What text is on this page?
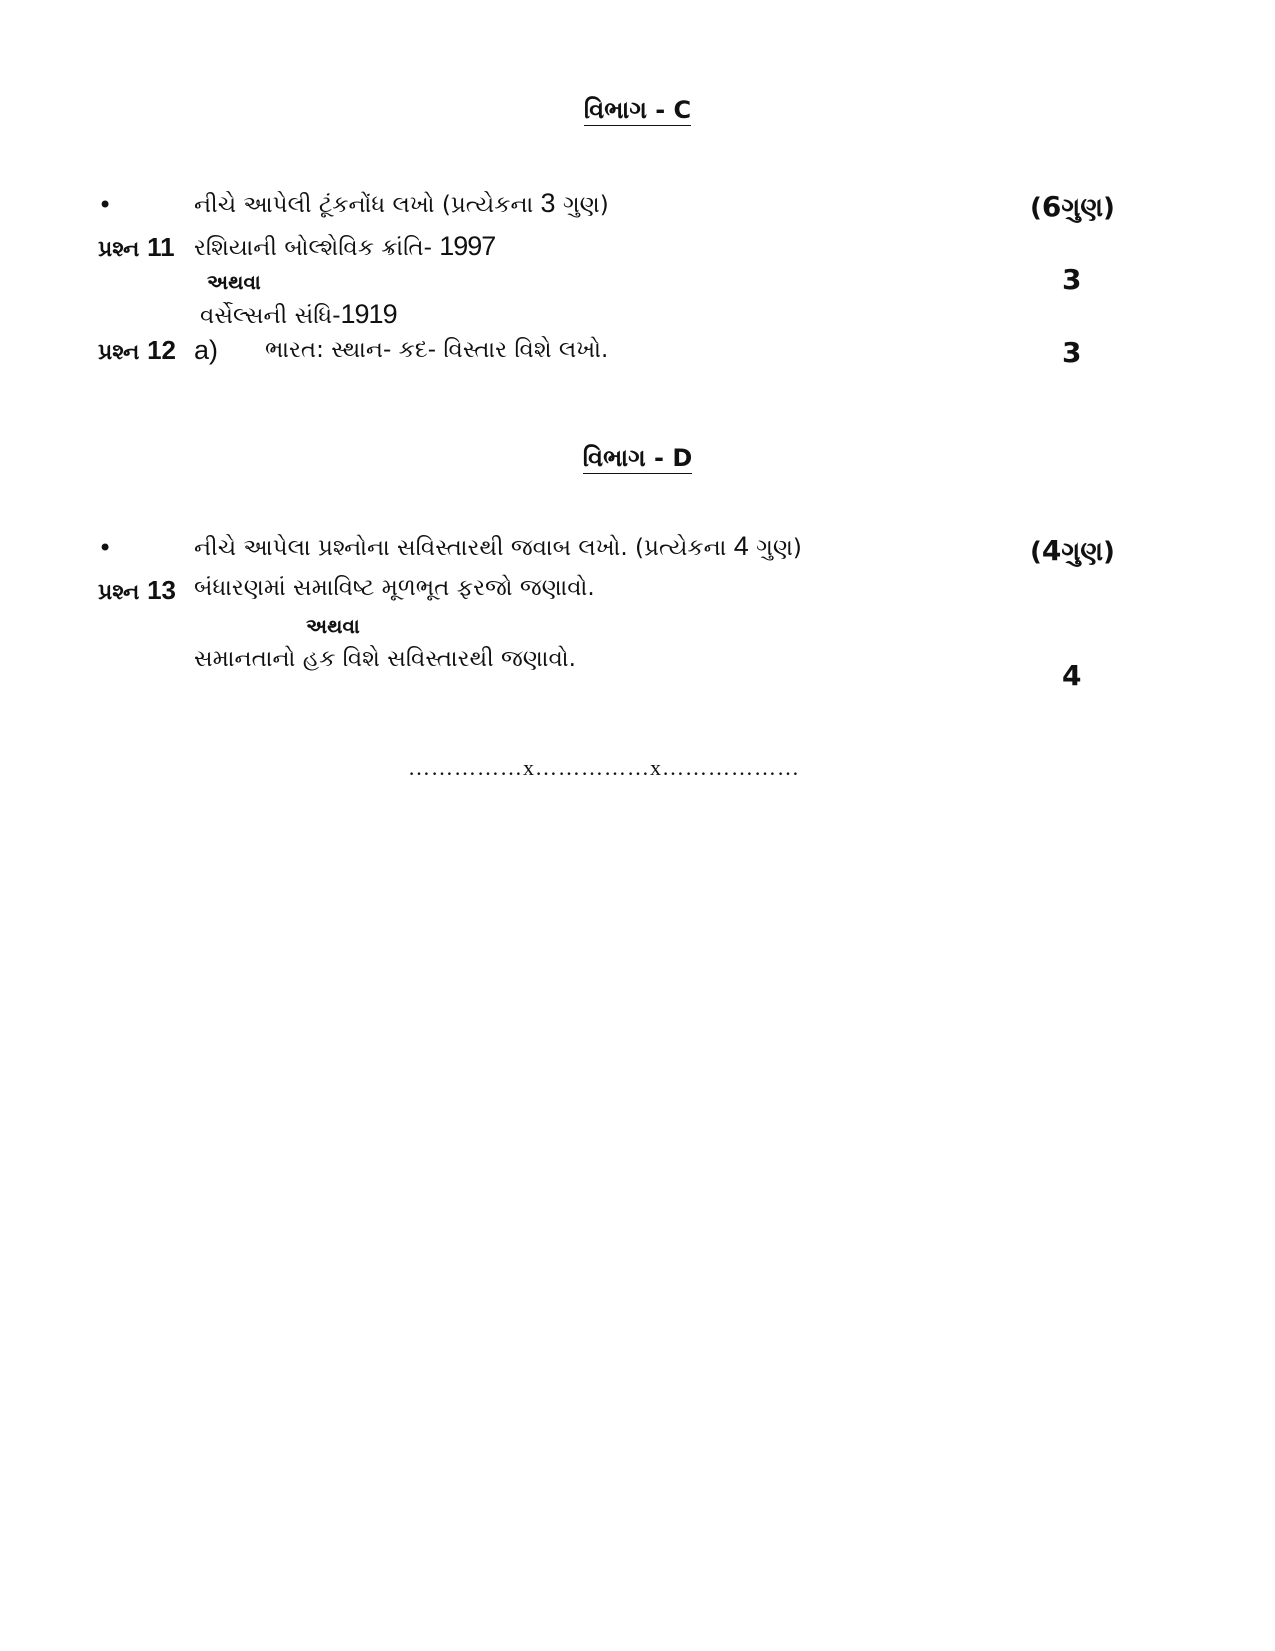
વિભાગ - C
•	નીચે આપેલી ટૂંકનોંધ લખો (પ્રત્યેકના 3 ગુણ)	(6ગુણ)
પ્રશ્ન 11 રશિયાની બોલ્શેવિક ક્રાંતિ- 1997
અથવા	3
વર્સેલ્સની સંધિ-1919
પ્રશ્ન 12 a) ભારત: સ્થાન- કદ- વિસ્તાર વિશે લખો.	3
વિભાગ - D
•	નીચે આપેલા પ્રશ્નોના સવિસ્તારથી જવાબ લખો. (પ્રત્યેકના 4 ગુણ)	(4ગુણ)
પ્રશ્ન 13 બંધારણમાં સમાવિષ્ટ મૂળભૂત ફરજો જણાવો.
અથવા
સમાનતાનો હક વિશે સવિસ્તારથી જણાવો.	4
……………x……………x………………
